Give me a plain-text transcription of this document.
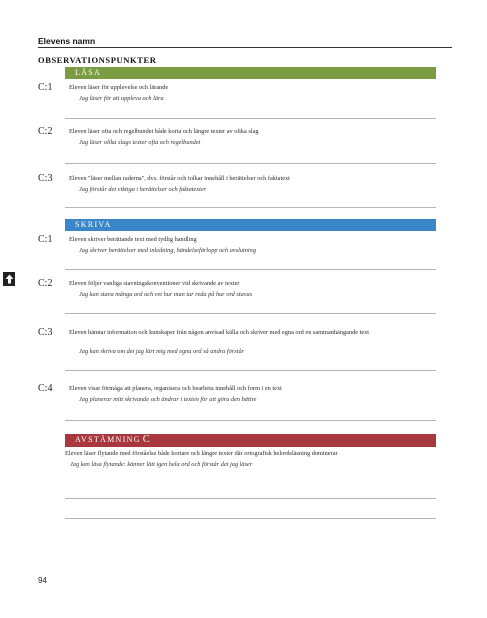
Elevens namn
OBSERVATIONSPUNKTER
LÄSA
C:1	Eleven läser för upplevelse och lärande
Jag läser för att uppleva och lära
C:2	Eleven läser ofta och regelbundet både korta och längre texter av olika slag
Jag läser olika slags texter ofta och regelbundet
C:3	Eleven "läser mellan raderna", dvs. förstår och tolkar innehåll i berättelser och faktatext
Jag förstår det viktiga i berättelser och faktatexter
SKRIVA
C:1	Eleven skriver berättande text med tydlig handling
Jag skriver berättelser med inledning, händelseförlopp och avslutning
C:2	Eleven följer vanliga stavningskonventioner vid skrivande av texter
Jag kan stava många ord och vet hur man tar reda på hur ord stavas
C:3	Eleven hämtar information och kunskaper från någon anvisad källa och skriver med egna ord en sammanhängande text
Jag kan skriva om det jag lärt mig med egna ord så andra förstår
C:4	Eleven visar förmåga att planera, organisera och bearbeta innehåll och form i en text
Jag planerar mitt skrivande och ändrar i texten för att göra den bättre
AVSTÄMNING C
Eleven läser flytande med förståelse både kortare och längre texter där ortografisk helordsläsning dominerar
Jag kan läsa flytande: känner lätt igen hela ord och förstår det jag läser
94
